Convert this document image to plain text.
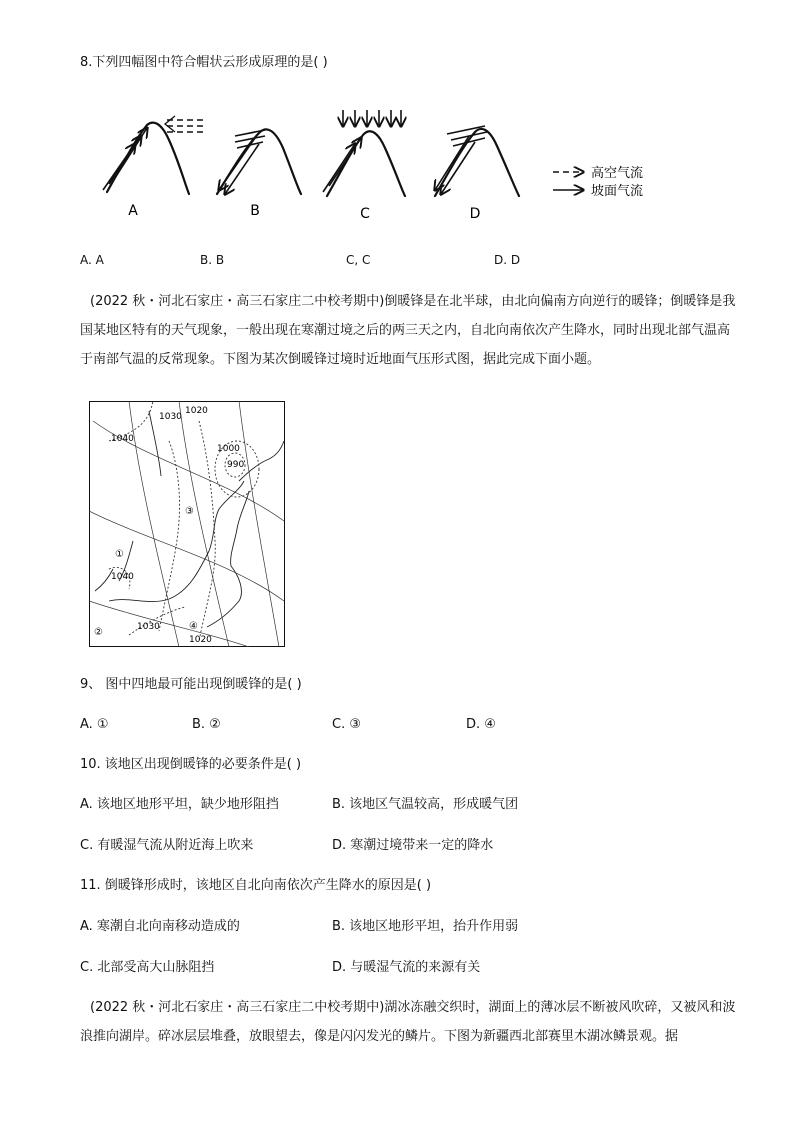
8.下列四幅图中符合帽状云形成原理的是( )
A	B	C	D
高空气流
坡面气流
A. A	B. B	C, C	D. D
(2022 秋・河北石家庄・高三石家庄二中校考期中)倒暖锋是在北半球，由北向偏南方向逆行的暖锋；倒暖锋是我国某地区特有的天气现象，一般出现在寒潮过境之后的两三天之内，自北向南依次产生降水，同时出现北部气温高于南部气温的反常现象。下图为某次倒暖锋过境时近地面气压形式图，据此完成下面小题。
1040
1030
1020
1000
990
1040
1030
1020
①
②
③
④
9、 图中四地最可能出现倒暖锋的是( )
A. ①	B. ②	C. ③	D. ④
10. 该地区出现倒暖锋的必要条件是( )
A. 该地区地形平坦，缺少地形阻挡	B. 该地区气温较高，形成暖气团
C. 有暖湿气流从附近海上吹来	D. 寒潮过境带来一定的降水
11. 倒暖锋形成时，该地区自北向南依次产生降水的原因是( )
A. 寒潮自北向南移动造成的	B. 该地区地形平坦，抬升作用弱
C. 北部受高大山脉阻挡	D. 与暖湿气流的来源有关
(2022 秋・河北石家庄・高三石家庄二中校考期中)湖冰冻融交织时，湖面上的薄冰层不断被风吹碎，又被风和波浪推向湖岸。碎冰层层堆叠，放眼望去，像是闪闪发光的鳞片。下图为新疆西北部赛里木湖冰鳞景观。据
